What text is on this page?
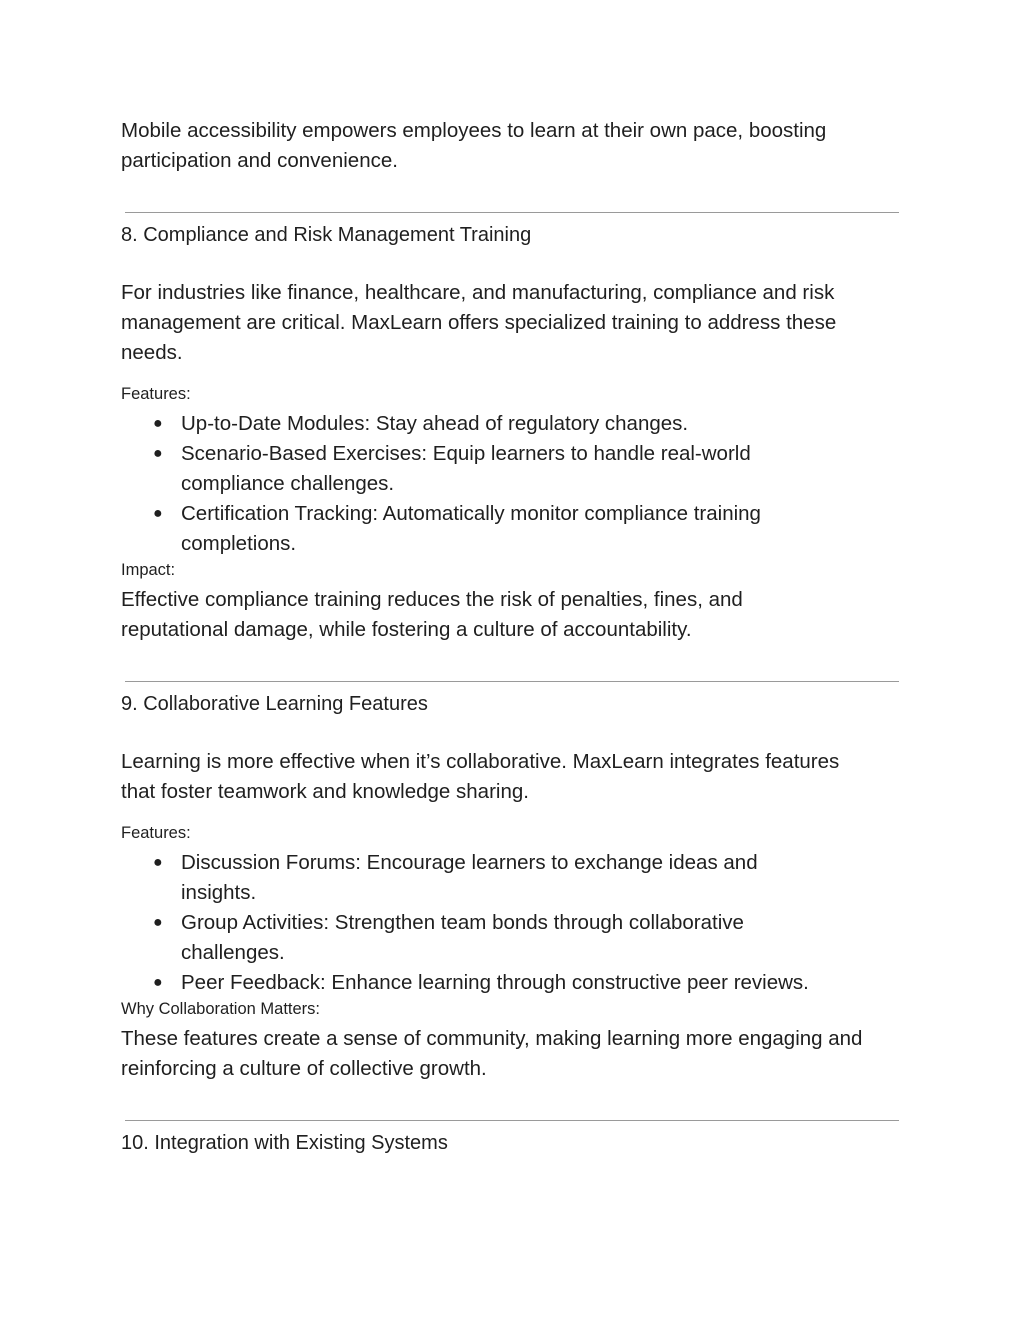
Mobile accessibility empowers employees to learn at their own pace, boosting participation and convenience.

8. Compliance and Risk Management Training

For industries like finance, healthcare, and manufacturing, compliance and risk management are critical. MaxLearn offers specialized training to address these needs.

Features:

● Up-to-Date Modules: Stay ahead of regulatory changes.
● Scenario-Based Exercises: Equip learners to handle real-world compliance challenges.
● Certification Tracking: Automatically monitor compliance training completions.

Impact:

Effective compliance training reduces the risk of penalties, fines, and reputational damage, while fostering a culture of accountability.

9. Collaborative Learning Features

Learning is more effective when it’s collaborative. MaxLearn integrates features that foster teamwork and knowledge sharing.

Features:

● Discussion Forums: Encourage learners to exchange ideas and insights.
● Group Activities: Strengthen team bonds through collaborative challenges.
● Peer Feedback: Enhance learning through constructive peer reviews.

Why Collaboration Matters:

These features create a sense of community, making learning more engaging and reinforcing a culture of collective growth.

10. Integration with Existing Systems
